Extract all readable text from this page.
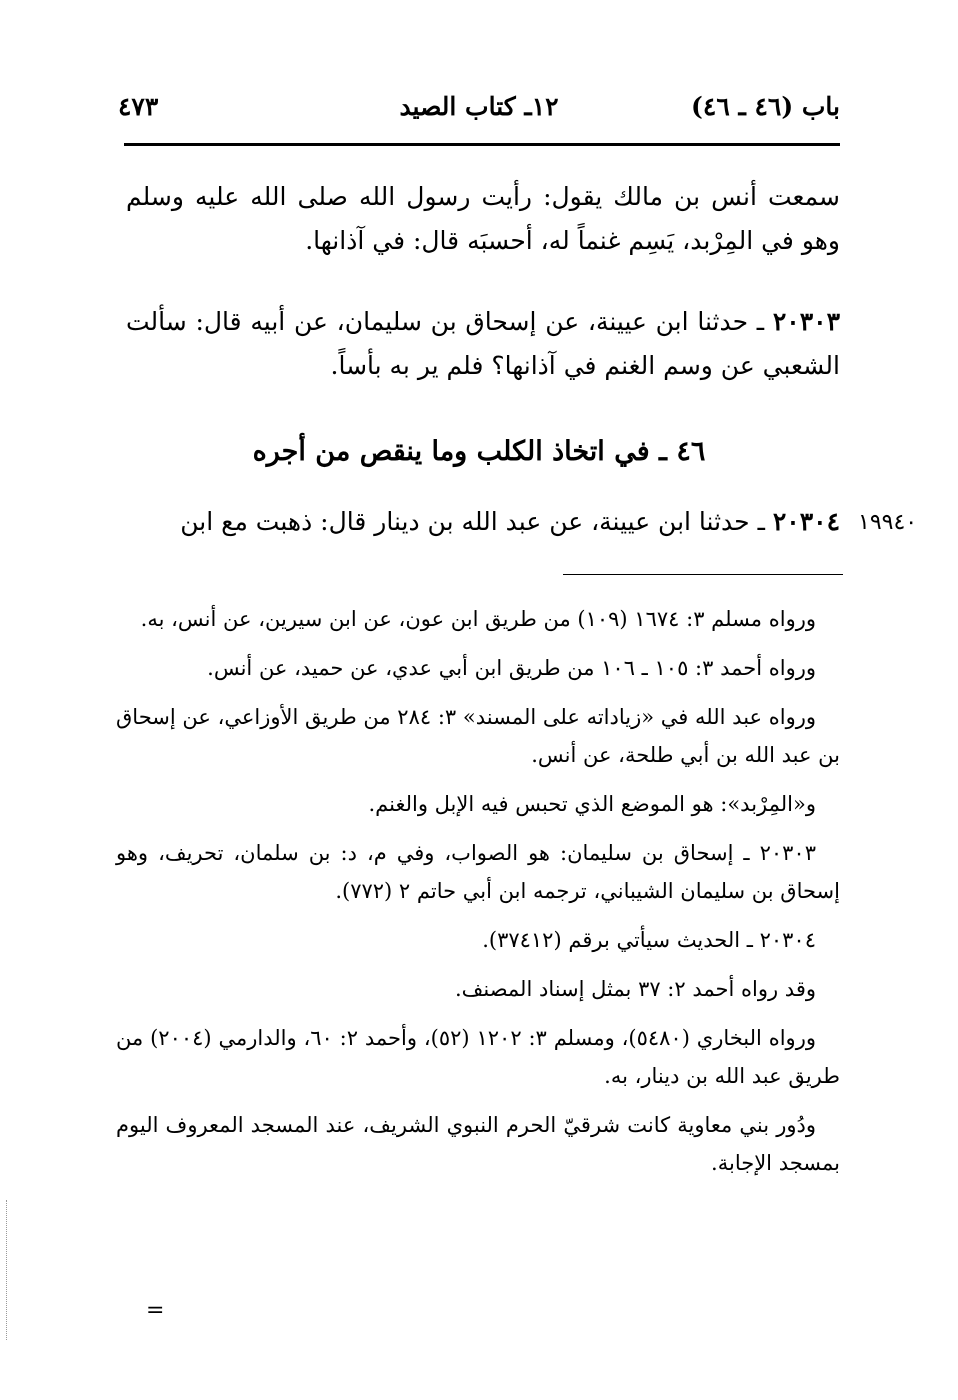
باب (٤٦ ـ ٤٦)
١٢ـ كتاب الصيد
٤٧٣
سمعت أنس بن مالك يقول: رأيت رسول الله صلى الله عليه وسلم وهو في المِرْبد، يَسِم غنماً له، أحسبَه قال: في آذانها.
٢٠٣٠٣ ـ حدثنا ابن عيينة، عن إسحاق بن سليمان، عن أبيه قال: سألت الشعبي عن وسم الغنم في آذانها؟ فلم ير به بأساً.
٤٦ ـ في اتخاذ الكلب وما ينقص من أجره
٢٠٣٠٤ ـ حدثنا ابن عيينة، عن عبد الله بن دينار قال: ذهبت مع ابن	١٩٩٤٠

ورواه مسلم ٣: ١٦٧٤ (١٠٩) من طريق ابن عون، عن ابن سيرين، عن أنس، به.

ورواه أحمد ٣: ١٠٥ ـ ١٠٦ من طريق ابن أبي عدي، عن حميد، عن أنس.

ورواه عبد الله في «زياداته على المسند» ٣: ٢٨٤ من طريق الأوزاعي، عن إسحاق بن عبد الله بن أبي طلحة، عن أنس.

و«المِرْبد»: هو الموضع الذي تحبس فيه الإبل والغنم.

٢٠٣٠٣ ـ إسحاق بن سليمان: هو الصواب، وفي م، د: بن سلمان، تحريف، وهو إسحاق بن سليمان الشيباني، ترجمه ابن أبي حاتم ٢ (٧٧٢).

٢٠٣٠٤ ـ الحديث سيأتي برقم (٣٧٤١٢).

وقد رواه أحمد ٢: ٣٧ بمثل إسناد المصنف.

ورواه البخاري (٥٤٨٠)، ومسلم ٣: ١٢٠٢ (٥٢)، وأحمد ٢: ٦٠، والدارمي (٢٠٠٤) من طريق عبد الله بن دينار، به.

ودُور بني معاوية كانت شرقيّ الحرم النبوي الشريف، عند المسجد المعروف اليوم بمسجد الإجابة.

=
